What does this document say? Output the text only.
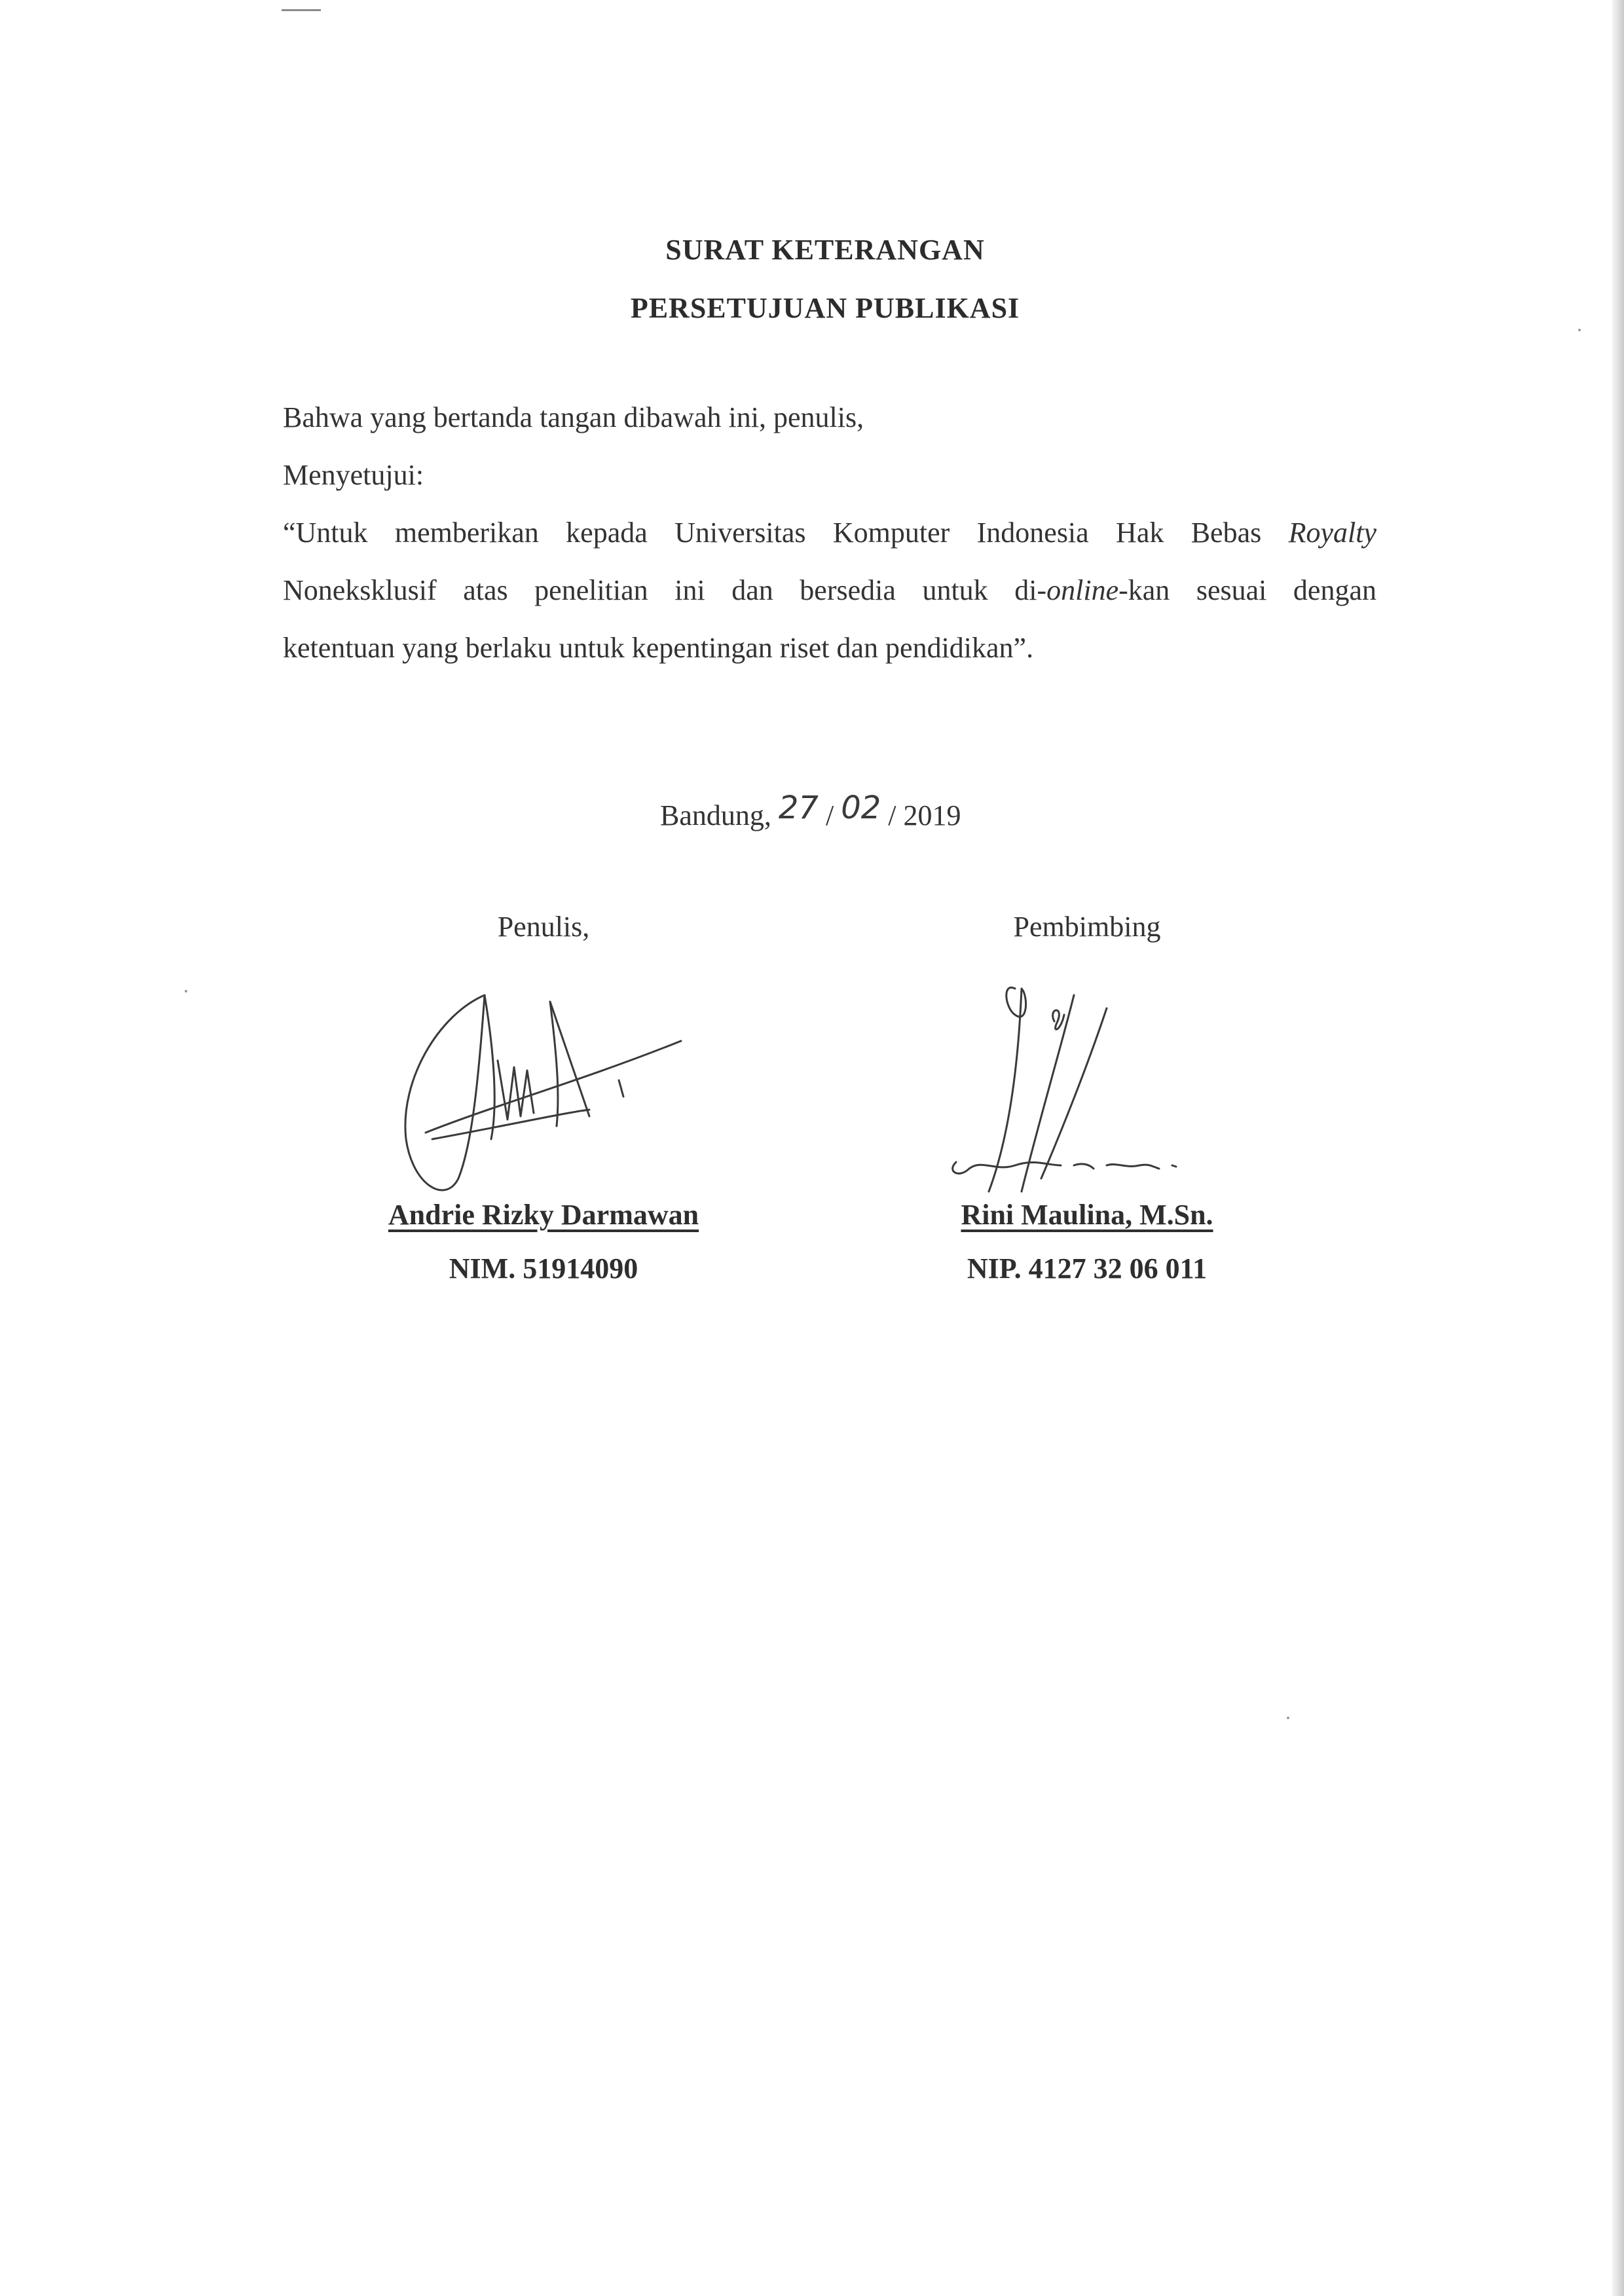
SURAT KETERANGAN
PERSETUJUAN PUBLIKASI
Bahwa yang bertanda tangan dibawah ini, penulis,
Menyetujui:
“Untuk memberikan kepada Universitas Komputer Indonesia Hak Bebas Royalty
Noneksklusif atas penelitian ini dan bersedia untuk di-online-kan sesuai dengan
ketentuan yang berlaku untuk kepentingan riset dan pendidikan”.
Bandung, 27 / 02 / 2019
Penulis,
Andrie Rizky Darmawan
NIM. 51914090
Pembimbing
Rini Maulina, M.Sn.
NIP. 4127 32 06 011
